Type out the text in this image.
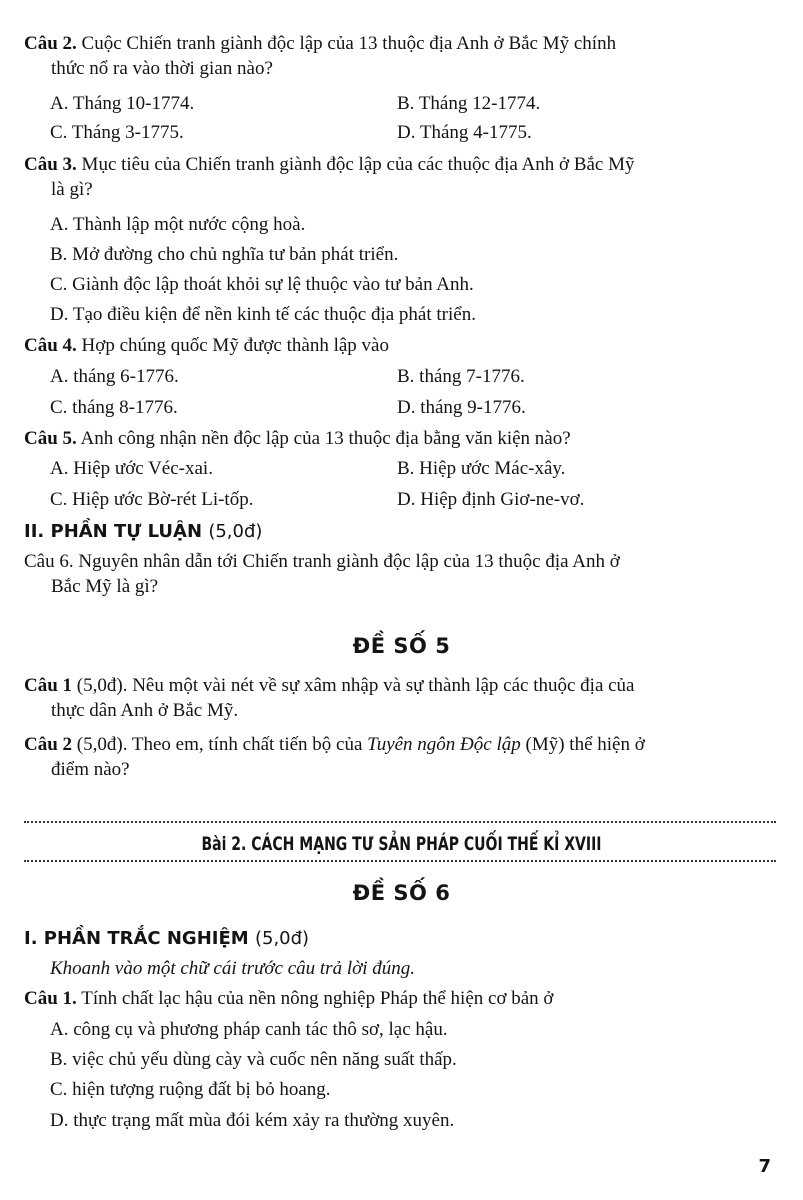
Câu 2. Cuộc Chiến tranh giành độc lập của 13 thuộc địa Anh ở Bắc Mỹ chính
thức nổ ra vào thời gian nào?
A. Tháng 10-1774.	B. Tháng 12-1774.
C. Tháng 3-1775.	D. Tháng 4-1775.
Câu 3. Mục tiêu của Chiến tranh giành độc lập của các thuộc địa Anh ở Bắc Mỹ
là gì?
A. Thành lập một nước cộng hoà.
B. Mở đường cho chủ nghĩa tư bản phát triển.
C. Giành độc lập thoát khỏi sự lệ thuộc vào tư bản Anh.
D. Tạo điều kiện để nền kinh tế các thuộc địa phát triển.
Câu 4. Hợp chúng quốc Mỹ được thành lập vào
A. tháng 6-1776.	B. tháng 7-1776.
C. tháng 8-1776.	D. tháng 9-1776.
Câu 5. Anh công nhận nền độc lập của 13 thuộc địa bằng văn kiện nào?
A. Hiệp ước Véc-xai.	B. Hiệp ước Mác-xây.
C. Hiệp ước Bờ-rét Li-tốp.	D. Hiệp định Giơ-ne-vơ.
II. PHẦN TỰ LUẬN (5,0đ)
Câu 6. Nguyên nhân dẫn tới Chiến tranh giành độc lập của 13 thuộc địa Anh ở
Bắc Mỹ là gì?
ĐỀ SỐ 5
Câu 1 (5,0đ). Nêu một vài nét về sự xâm nhập và sự thành lập các thuộc địa của
thực dân Anh ở Bắc Mỹ.
Câu 2 (5,0đ). Theo em, tính chất tiến bộ của Tuyên ngôn Độc lập (Mỹ) thể hiện ở
điểm nào?
Bài 2. CÁCH MẠNG TƯ SẢN PHÁP CUỐI THẾ KỈ XVIII
ĐỀ SỐ 6
I. PHẦN TRẮC NGHIỆM (5,0đ)
Khoanh vào một chữ cái trước câu trả lời đúng.
Câu 1. Tính chất lạc hậu của nền nông nghiệp Pháp thể hiện cơ bản ở
A. công cụ và phương pháp canh tác thô sơ, lạc hậu.
B. việc chủ yếu dùng cày và cuốc nên năng suất thấp.
C. hiện tượng ruộng đất bị bỏ hoang.
D. thực trạng mất mùa đói kém xảy ra thường xuyên.
7
